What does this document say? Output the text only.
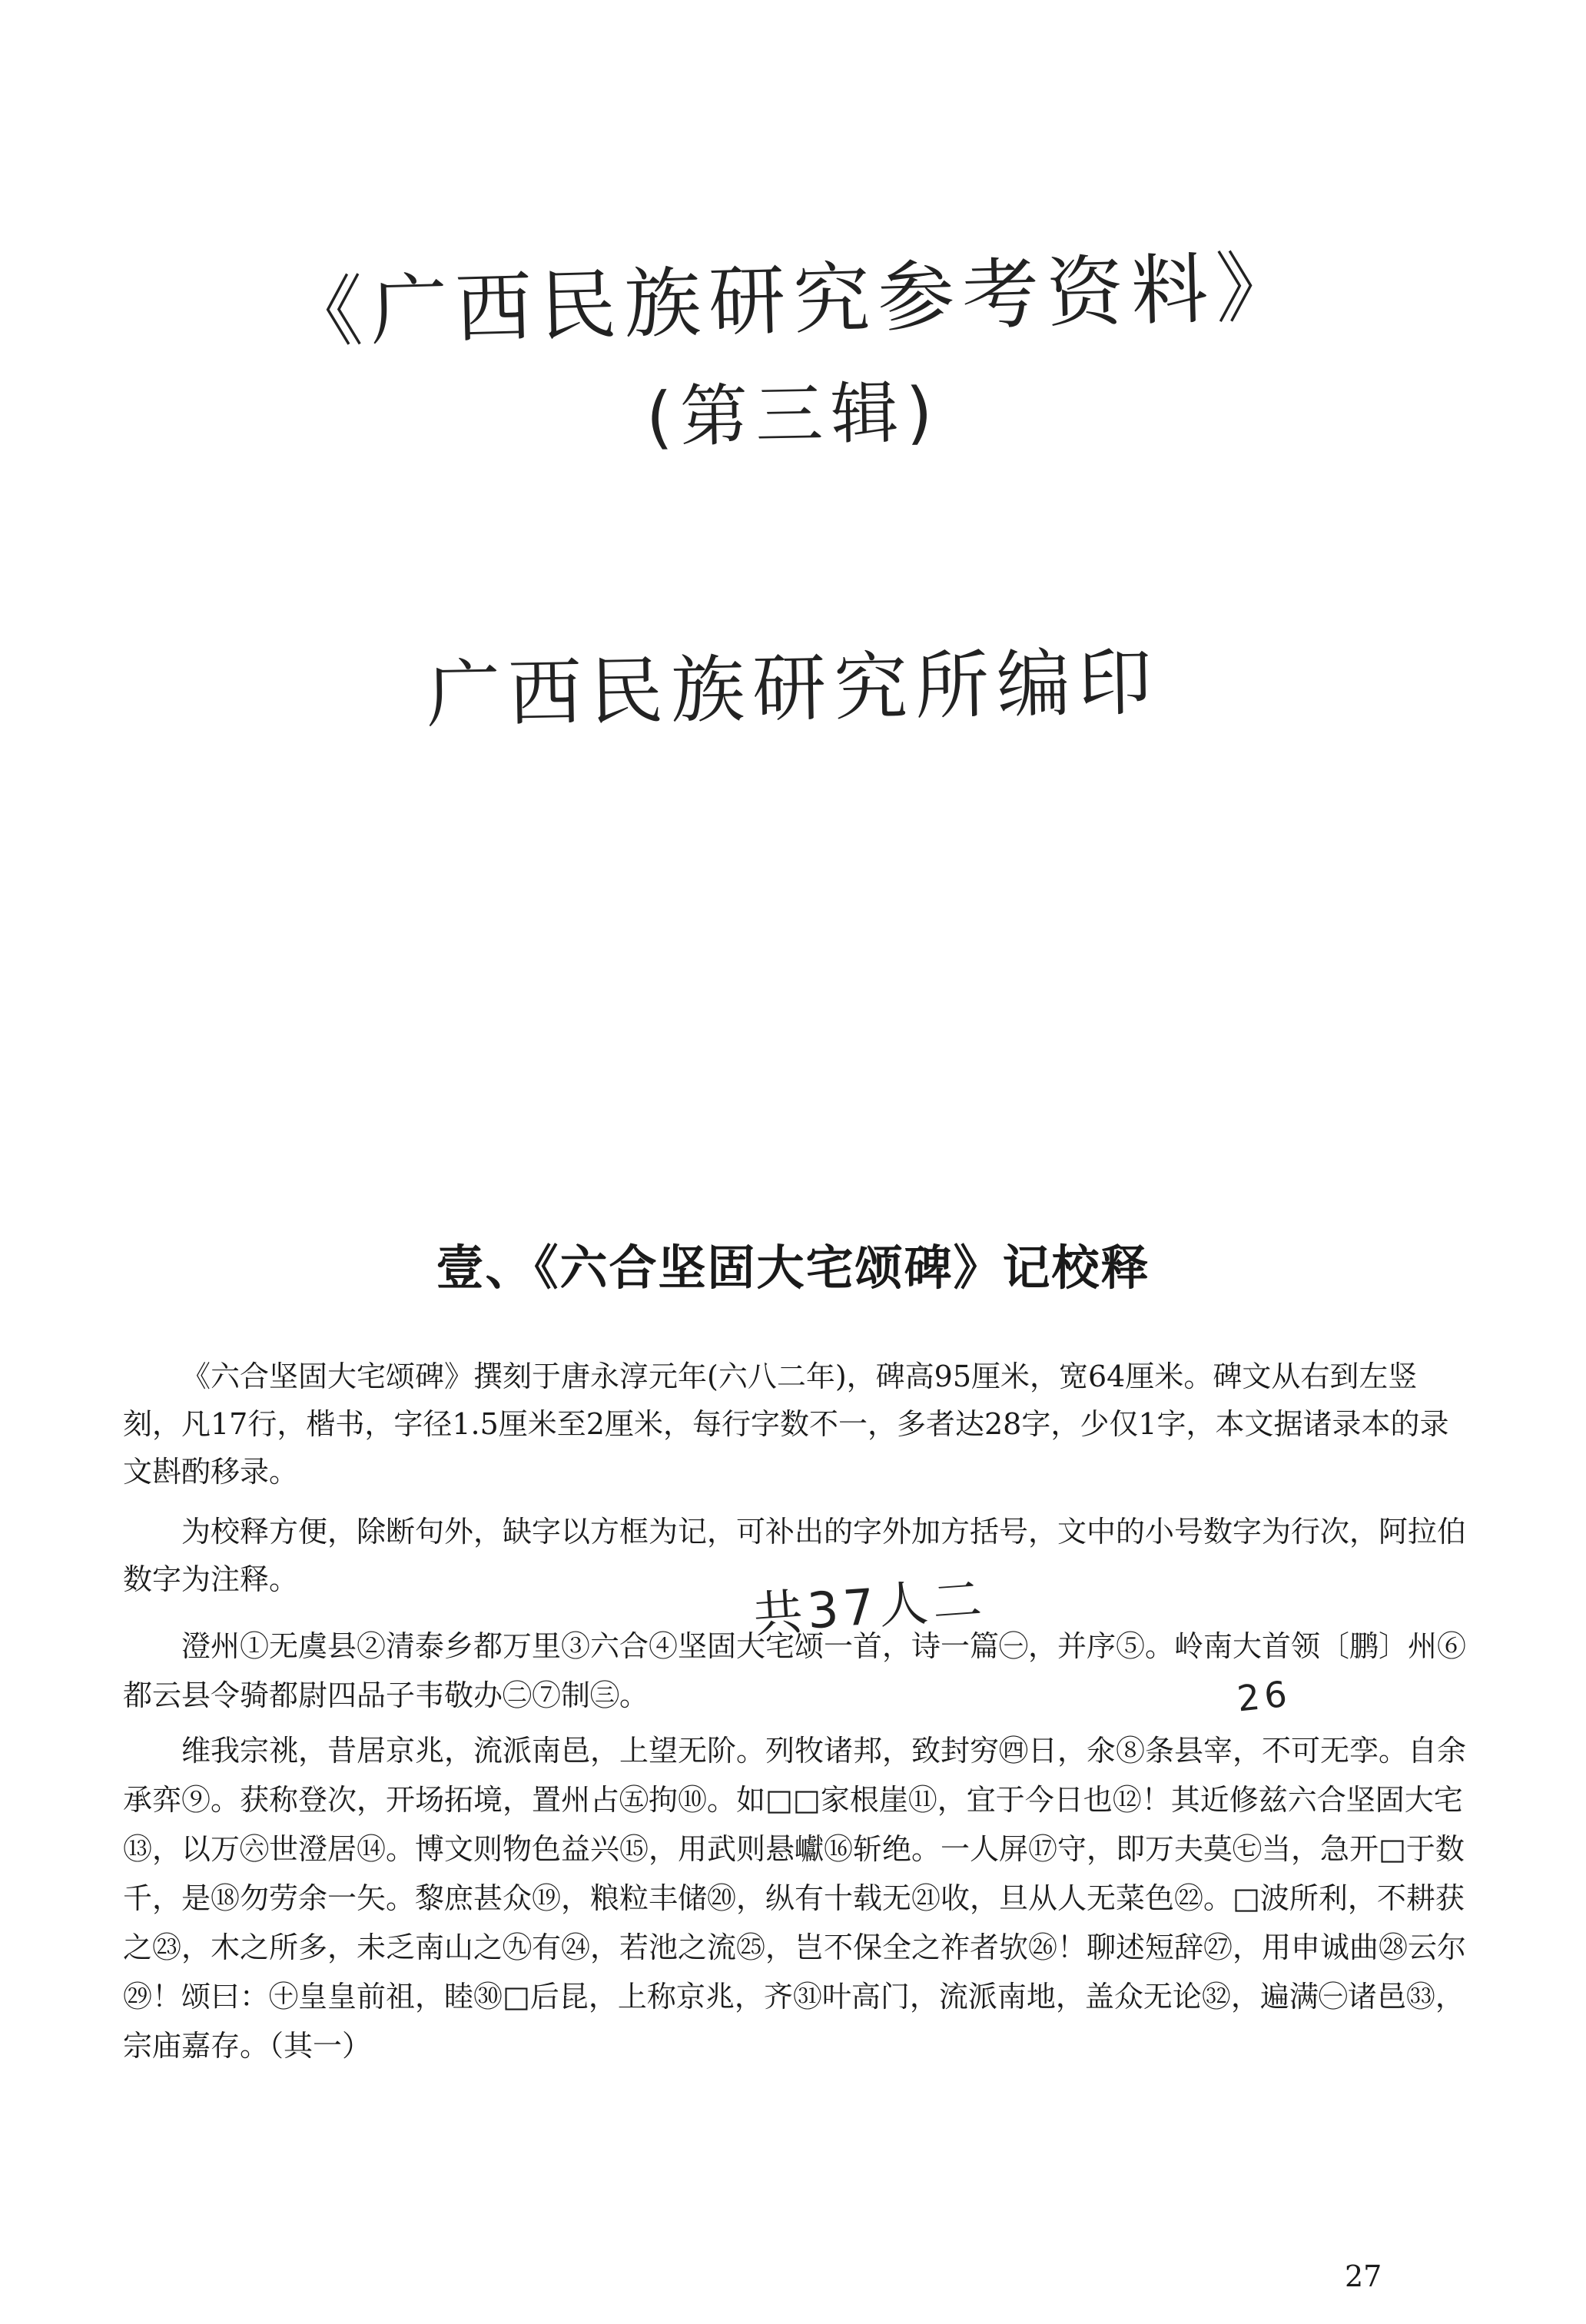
《广西民族研究参考资料》
(第三辑)
广西民族研究所编印
壹、《六合坚固大宅颂碑》记校释

《六合坚固大宅颂碑》撰刻于唐永淳元年(六八二年)，碑高95厘米，宽64厘米。碑文从右到左竖刻，凡17行，楷书，字径1.5厘米至2厘米，每行字数不一，多者达28字，少仅1字，本文据诸录本的录文斟酌移录。

为校释方便，除断句外，缺字以方框为记，可补出的字外加方括号，文中的小号数字为行次，阿拉伯数字为注释。	共37人二

澄州①无虞县②清泰乡都万里③六合④坚固大宅颂一首，诗一篇㊀，并序⑤。岭南大首领〔鹏〕州⑥都云县令骑都尉四品子韦敬办㊁⑦制㊂。

维我宗祧，昔居京兆，流派南邑，上望无阶。列牧诸邦，致封穷㊃日，氽⑧条县宰，不可无孪。自余承弈⑨。获称登次，开场拓境，置州占㊄拘⑩。如□□家根崖⑪，宜于今日也⑫！其近修兹六合坚固大宅⑬，以万㊅世澄居⑭。博文则物色益兴⑮，用武则悬巘⑯斩绝。一人屏⑰守，即万夫莫㊆当，急开□于数千，是⑱勿劳余一矢。黎庶甚众⑲，粮粒丰储⑳，纵有十载无㉑收，旦从人无菜色㉒。□波所利，不耕获之㉓，木之所多，未乏南山之㊈有㉔，若池之流㉕，岂不保全之祚者欤㉖！聊述短辞㉗，用申诚曲㉘云尔㉙！颂曰：㊉皇皇前祖，睦㉚□后昆，上称京兆，齐㉛叶高门，流派南地，盖众无论㉜，遍满㊀诸邑㉝，宗庙嘉存。（其一）

26
27
